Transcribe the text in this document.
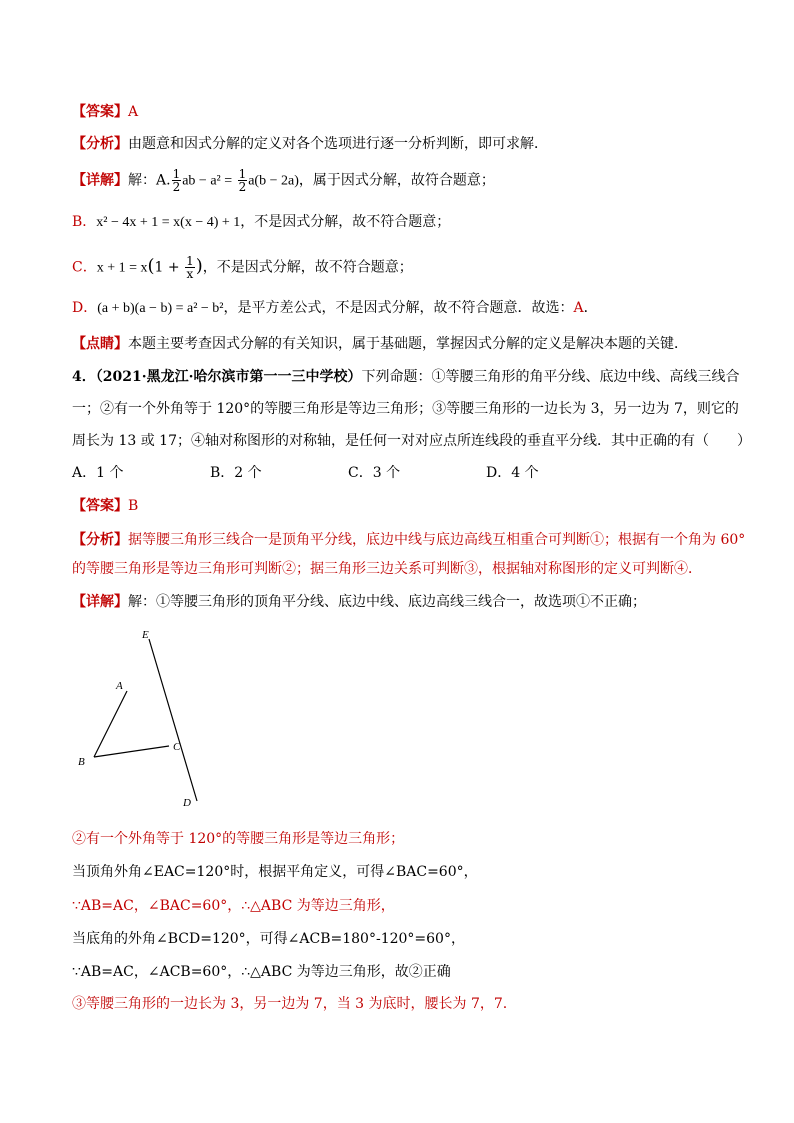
【答案】A
【分析】由题意和因式分解的定义对各个选项进行逐一分析判断，即可求解．
【详解】解：A. $\frac{1}{2}$ ab − $a^2 = \frac{1}{2} a(b - 2a)$，属于因式分解，故符合题意；
B．x² − 4x + 1 = x(x − 4) + 1，不是因式分解，故不符合题意；
C．$x + 1 = x(1 + \frac{1}{x}$ )，不是因式分解，故不符合题意；
D．(a + b)(a − b) = a² − b²，是平方差公式，不是因式分解，故不符合题意．故选：A．
【点睛】本题主要考查因式分解的有关知识，属于基础题，掌握因式分解的定义是解决本题的关键．
4．（2021·黑龙江·哈尔滨市第一一三中学校）下列命题：①等腰三角形的角平分线、底边中线、高线三线合
一；②有一个外角等于 120°的等腰三角形是等边三角形；③等腰三角形的一边长为 3，另一边为 7，则它的
周长为 13 或 17；④轴对称图形的对称轴，是任何一对对应点所连线段的垂直平分线．其中正确的有（　　）
A．1 个	B．2 个	C．3 个	D．4 个
【答案】B
【分析】据等腰三角形三线合一是顶角平分线，底边中线与底边高线互相重合可判断①；根据有一个角为 60°
的等腰三角形是等边三角形可判断②；据三角形三边关系可判断③，根据轴对称图形的定义可判断④．
【详解】解：①等腰三角形的顶角平分线、底边中线、底边高线三线合一，故选项①不正确；
E
A
B
C
D
②有一个外角等于 120°的等腰三角形是等边三角形；
当顶角外角∠EAC=120°时，根据平角定义，可得∠BAC=60°，
∵AB=AC，∠BAC=60°，∴△ABC 为等边三角形，
当底角的外角∠BCD=120°，可得∠ACB=180°-120°=60°，
∵AB=AC，∠ACB=60°，∴△ABC 为等边三角形，故②正确
③等腰三角形的一边长为 3，另一边为 7，当 3 为底时，腰长为 7，7.
